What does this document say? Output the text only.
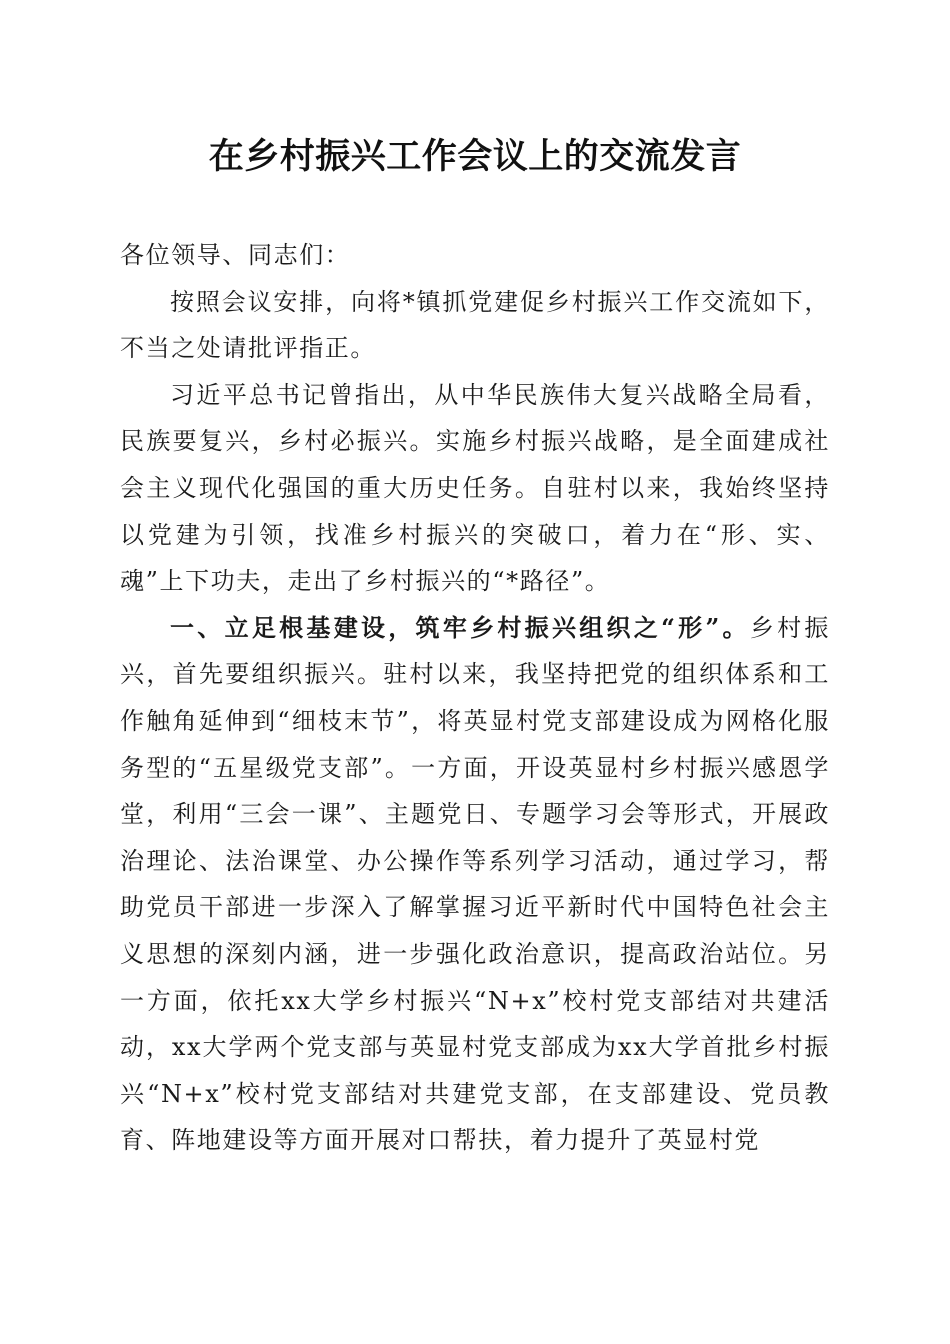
在乡村振兴工作会议上的交流发言

各位领导、同志们：

按照会议安排，向将*镇抓党建促乡村振兴工作交流如下，不当之处请批评指正。

习近平总书记曾指出，从中华民族伟大复兴战略全局看，民族要复兴，乡村必振兴。实施乡村振兴战略，是全面建成社会主义现代化强国的重大历史任务。自驻村以来，我始终坚持以党建为引领，找准乡村振兴的突破口，着力在“形、实、魂”上下功夫，走出了乡村振兴的“*路径”。

一、立足根基建设，筑牢乡村振兴组织之“形”。乡村振兴，首先要组织振兴。驻村以来，我坚持把党的组织体系和工作触角延伸到“细枝末节”，将英显村党支部建设成为网格化服务型的“五星级党支部”。一方面，开设英显村乡村振兴感恩学堂，利用“三会一课”、主题党日、专题学习会等形式，开展政治理论、法治课堂、办公操作等系列学习活动，通过学习，帮助党员干部进一步深入了解掌握习近平新时代中国特色社会主义思想的深刻内涵，进一步强化政治意识，提高政治站位。另一方面，依托xx大学乡村振兴“N+x”校村党支部结对共建活动，xx大学两个党支部与英显村党支部成为xx大学首批乡村振兴“N+x”校村党支部结对共建党支部，在支部建设、党员教育、阵地建设等方面开展对口帮扶，着力提升了英显村党
